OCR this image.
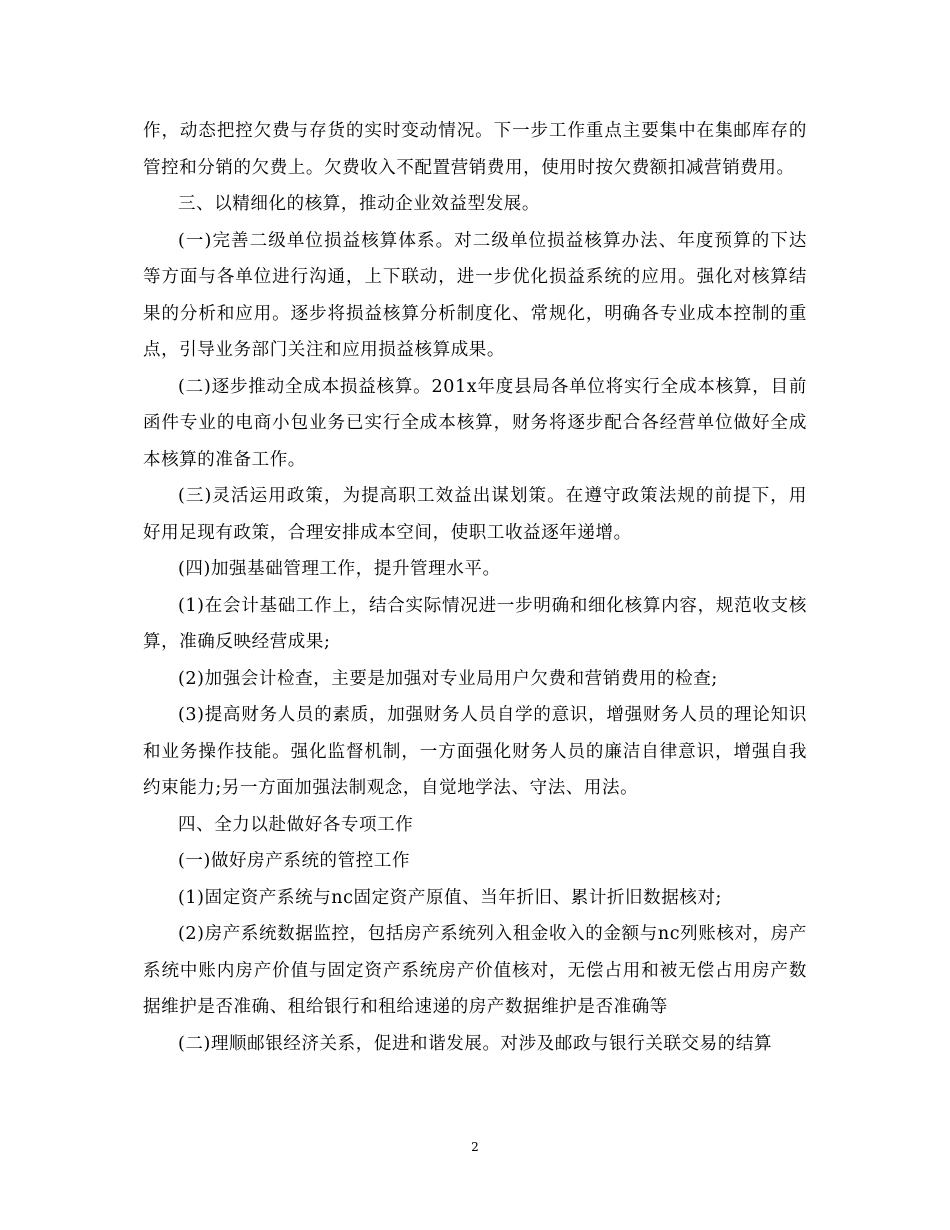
作，动态把控欠费与存货的实时变动情况。下一步工作重点主要集中在集邮库存的管控和分销的欠费上。欠费收入不配置营销费用，使用时按欠费额扣减营销费用。

三、以精细化的核算，推动企业效益型发展。

(一)完善二级单位损益核算体系。对二级单位损益核算办法、年度预算的下达等方面与各单位进行沟通，上下联动，进一步优化损益系统的应用。强化对核算结果的分析和应用。逐步将损益核算分析制度化、常规化，明确各专业成本控制的重点，引导业务部门关注和应用损益核算成果。

(二)逐步推动全成本损益核算。201x年度县局各单位将实行全成本核算，目前函件专业的电商小包业务已实行全成本核算，财务将逐步配合各经营单位做好全成本核算的准备工作。

(三)灵活运用政策，为提高职工效益出谋划策。在遵守政策法规的前提下，用好用足现有政策，合理安排成本空间，使职工收益逐年递增。

(四)加强基础管理工作，提升管理水平。

(1)在会计基础工作上，结合实际情况进一步明确和细化核算内容，规范收支核算，准确反映经营成果;

(2)加强会计检查，主要是加强对专业局用户欠费和营销费用的检查;

(3)提高财务人员的素质，加强财务人员自学的意识，增强财务人员的理论知识和业务操作技能。强化监督机制，一方面强化财务人员的廉洁自律意识，增强自我约束能力;另一方面加强法制观念，自觉地学法、守法、用法。

四、全力以赴做好各专项工作

(一)做好房产系统的管控工作

(1)固定资产系统与nc固定资产原值、当年折旧、累计折旧数据核对;

(2)房产系统数据监控，包括房产系统列入租金收入的金额与nc列账核对，房产系统中账内房产价值与固定资产系统房产价值核对，无偿占用和被无偿占用房产数据维护是否准确、租给银行和租给速递的房产数据维护是否准确等

(二)理顺邮银经济关系，促进和谐发展。对涉及邮政与银行关联交易的结算

2
